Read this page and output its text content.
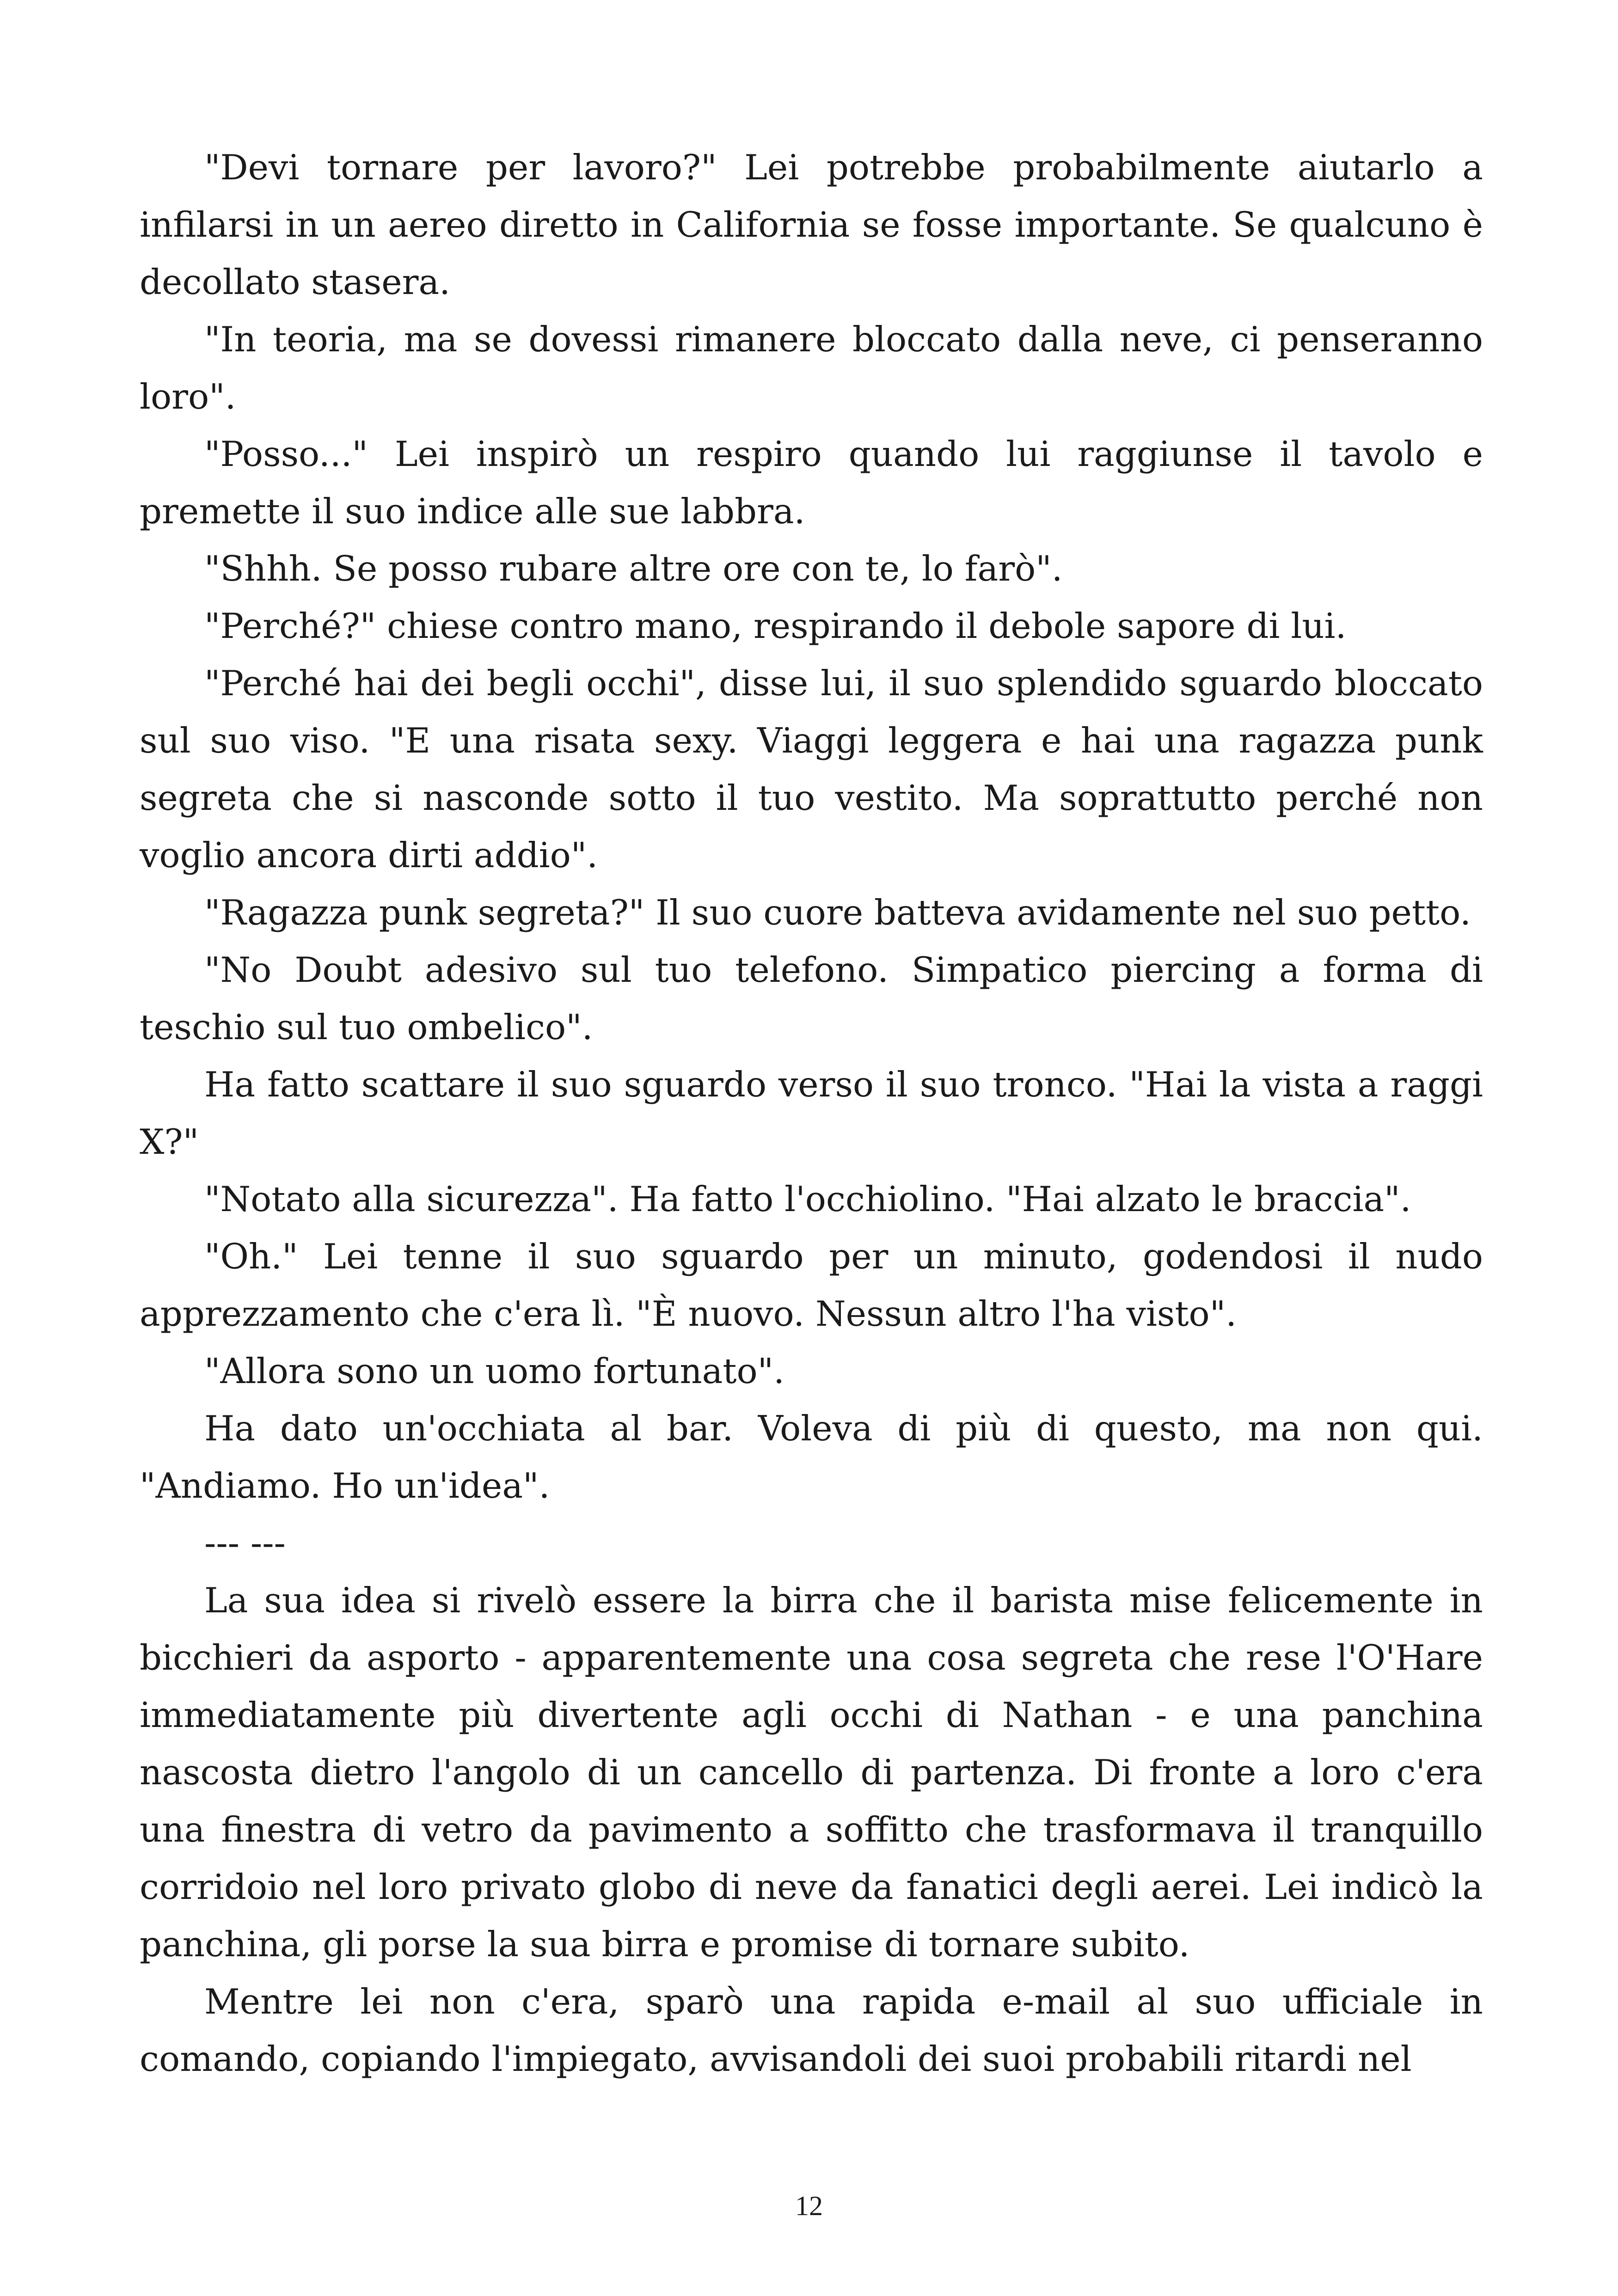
"Devi tornare per lavoro?" Lei potrebbe probabilmente aiutarlo a infilarsi in un aereo diretto in California se fosse importante. Se qualcuno è decollato stasera.

"In teoria, ma se dovessi rimanere bloccato dalla neve, ci penseranno loro".

"Posso..." Lei inspirò un respiro quando lui raggiunse il tavolo e premette il suo indice alle sue labbra.

"Shhh. Se posso rubare altre ore con te, lo farò".

"Perché?" chiese contro mano, respirando il debole sapore di lui.

"Perché hai dei begli occhi", disse lui, il suo splendido sguardo bloccato sul suo viso. "E una risata sexy. Viaggi leggera e hai una ragazza punk segreta che si nasconde sotto il tuo vestito. Ma soprattutto perché non voglio ancora dirti addio".

"Ragazza punk segreta?" Il suo cuore batteva avidamente nel suo petto.

"No Doubt adesivo sul tuo telefono. Simpatico piercing a forma di teschio sul tuo ombelico".

Ha fatto scattare il suo sguardo verso il suo tronco. "Hai la vista a raggi X?"

"Notato alla sicurezza". Ha fatto l'occhiolino. "Hai alzato le braccia".

"Oh." Lei tenne il suo sguardo per un minuto, godendosi il nudo apprezzamento che c'era lì. "È nuovo. Nessun altro l'ha visto".

"Allora sono un uomo fortunato".

Ha dato un'occhiata al bar. Voleva di più di questo, ma non qui. "Andiamo. Ho un'idea".

--- ---

La sua idea si rivelò essere la birra che il barista mise felicemente in bicchieri da asporto - apparentemente una cosa segreta che rese l'O'Hare immediatamente più divertente agli occhi di Nathan - e una panchina nascosta dietro l'angolo di un cancello di partenza. Di fronte a loro c'era una finestra di vetro da pavimento a soffitto che trasformava il tranquillo corridoio nel loro privato globo di neve da fanatici degli aerei. Lei indicò la panchina, gli porse la sua birra e promise di tornare subito.

Mentre lei non c'era, sparò una rapida e-mail al suo ufficiale in comando, copiando l'impiegato, avvisandoli dei suoi probabili ritardi nel

12
